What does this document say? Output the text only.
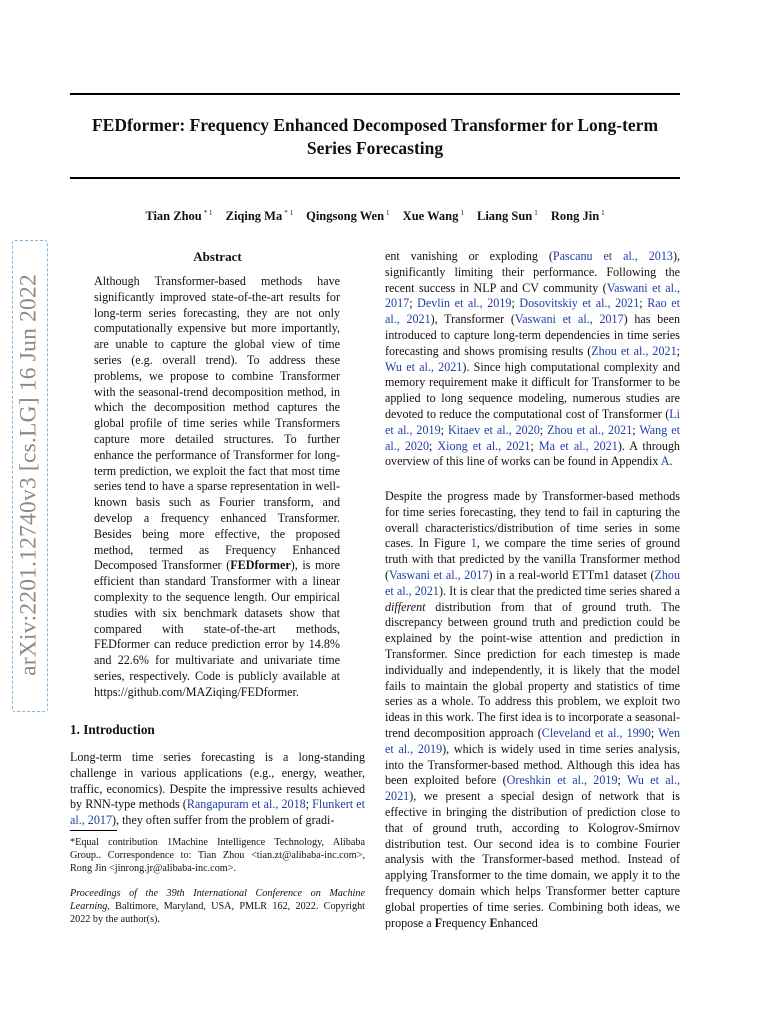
FEDformer: Frequency Enhanced Decomposed Transformer for Long-term Series Forecasting
Tian Zhou $^{* 1}$ Ziqing Ma $^{* 1}$ Qingsong Wen $^1$ Xue Wang $^1$ Liang Sun $^1$ Rong Jin $^1$
arXiv:2201.12740v3 [cs.LG] 16 Jun 2022
Abstract

Although Transformer-based methods have significantly improved state-of-the-art results for long-term series forecasting, they are not only computationally expensive but more importantly, are unable to capture the global view of time series (e.g. overall trend). To address these problems, we propose to combine Transformer with the seasonal-trend decomposition method, in which the decomposition method captures the global profile of time series while Transformers capture more detailed structures. To further enhance the performance of Transformer for long-term prediction, we exploit the fact that most time series tend to have a sparse representation in well-known basis such as Fourier transform, and develop a frequency enhanced Transformer. Besides being more effective, the proposed method, termed as Frequency Enhanced Decomposed Transformer (FEDformer), is more efficient than standard Transformer with a linear complexity to the sequence length. Our empirical studies with six benchmark datasets show that compared with state-of-the-art methods, FEDformer can reduce prediction error by 14.8% and 22.6% for multivariate and univariate time series, respectively. Code is publicly available at https://github.com/MAZiqing/FEDformer.

1. Introduction

Long-term time series forecasting is a long-standing challenge in various applications (e.g., energy, weather, traffic, economics). Despite the impressive results achieved by RNN-type methods (Rangapuram et al., 2018; Flunkert et al., 2017), they often suffer from the problem of gradi-

*Equal contribution 1Machine Intelligence Technology, Alibaba Group.. Correspondence to: Tian Zhou <tian.zt@alibaba-inc.com>, Rong Jin <jinrong.jr@alibaba-inc.com>.

Proceedings of the 39th International Conference on Machine Learning, Baltimore, Maryland, USA, PMLR 162, 2022. Copyright 2022 by the author(s).

ent vanishing or exploding (Pascanu et al., 2013), significantly limiting their performance. Following the recent success in NLP and CV community (Vaswani et al., 2017; Devlin et al., 2019; Dosovitskiy et al., 2021; Rao et al., 2021), Transformer (Vaswani et al., 2017) has been introduced to capture long-term dependencies in time series forecasting and shows promising results (Zhou et al., 2021; Wu et al., 2021). Since high computational complexity and memory requirement make it difficult for Transformer to be applied to long sequence modeling, numerous studies are devoted to reduce the computational cost of Transformer (Li et al., 2019; Kitaev et al., 2020; Zhou et al., 2021; Wang et al., 2020; Xiong et al., 2021; Ma et al., 2021). A through overview of this line of works can be found in Appendix A.

Despite the progress made by Transformer-based methods for time series forecasting, they tend to fail in capturing the overall characteristics/distribution of time series in some cases. In Figure 1, we compare the time series of ground truth with that predicted by the vanilla Transformer method (Vaswani et al., 2017) in a real-world ETTm1 dataset (Zhou et al., 2021). It is clear that the predicted time series shared a different distribution from that of ground truth. The discrepancy between ground truth and prediction could be explained by the point-wise attention and prediction in Transformer. Since prediction for each timestep is made individually and independently, it is likely that the model fails to maintain the global property and statistics of time series as a whole. To address this problem, we exploit two ideas in this work. The first idea is to incorporate a seasonal-trend decomposition approach (Cleveland et al., 1990; Wen et al., 2019), which is widely used in time series analysis, into the Transformer-based method. Although this idea has been exploited before (Oreshkin et al., 2019; Wu et al., 2021), we present a special design of network that is effective in bringing the distribution of prediction close to that of ground truth, according to Kologrov-Smirnov distribution test. Our second idea is to combine Fourier analysis with the Transformer-based method. Instead of applying Transformer to the time domain, we apply it to the frequency domain which helps Transformer better capture global properties of time series. Combining both ideas, we propose a Frequency Enhanced
